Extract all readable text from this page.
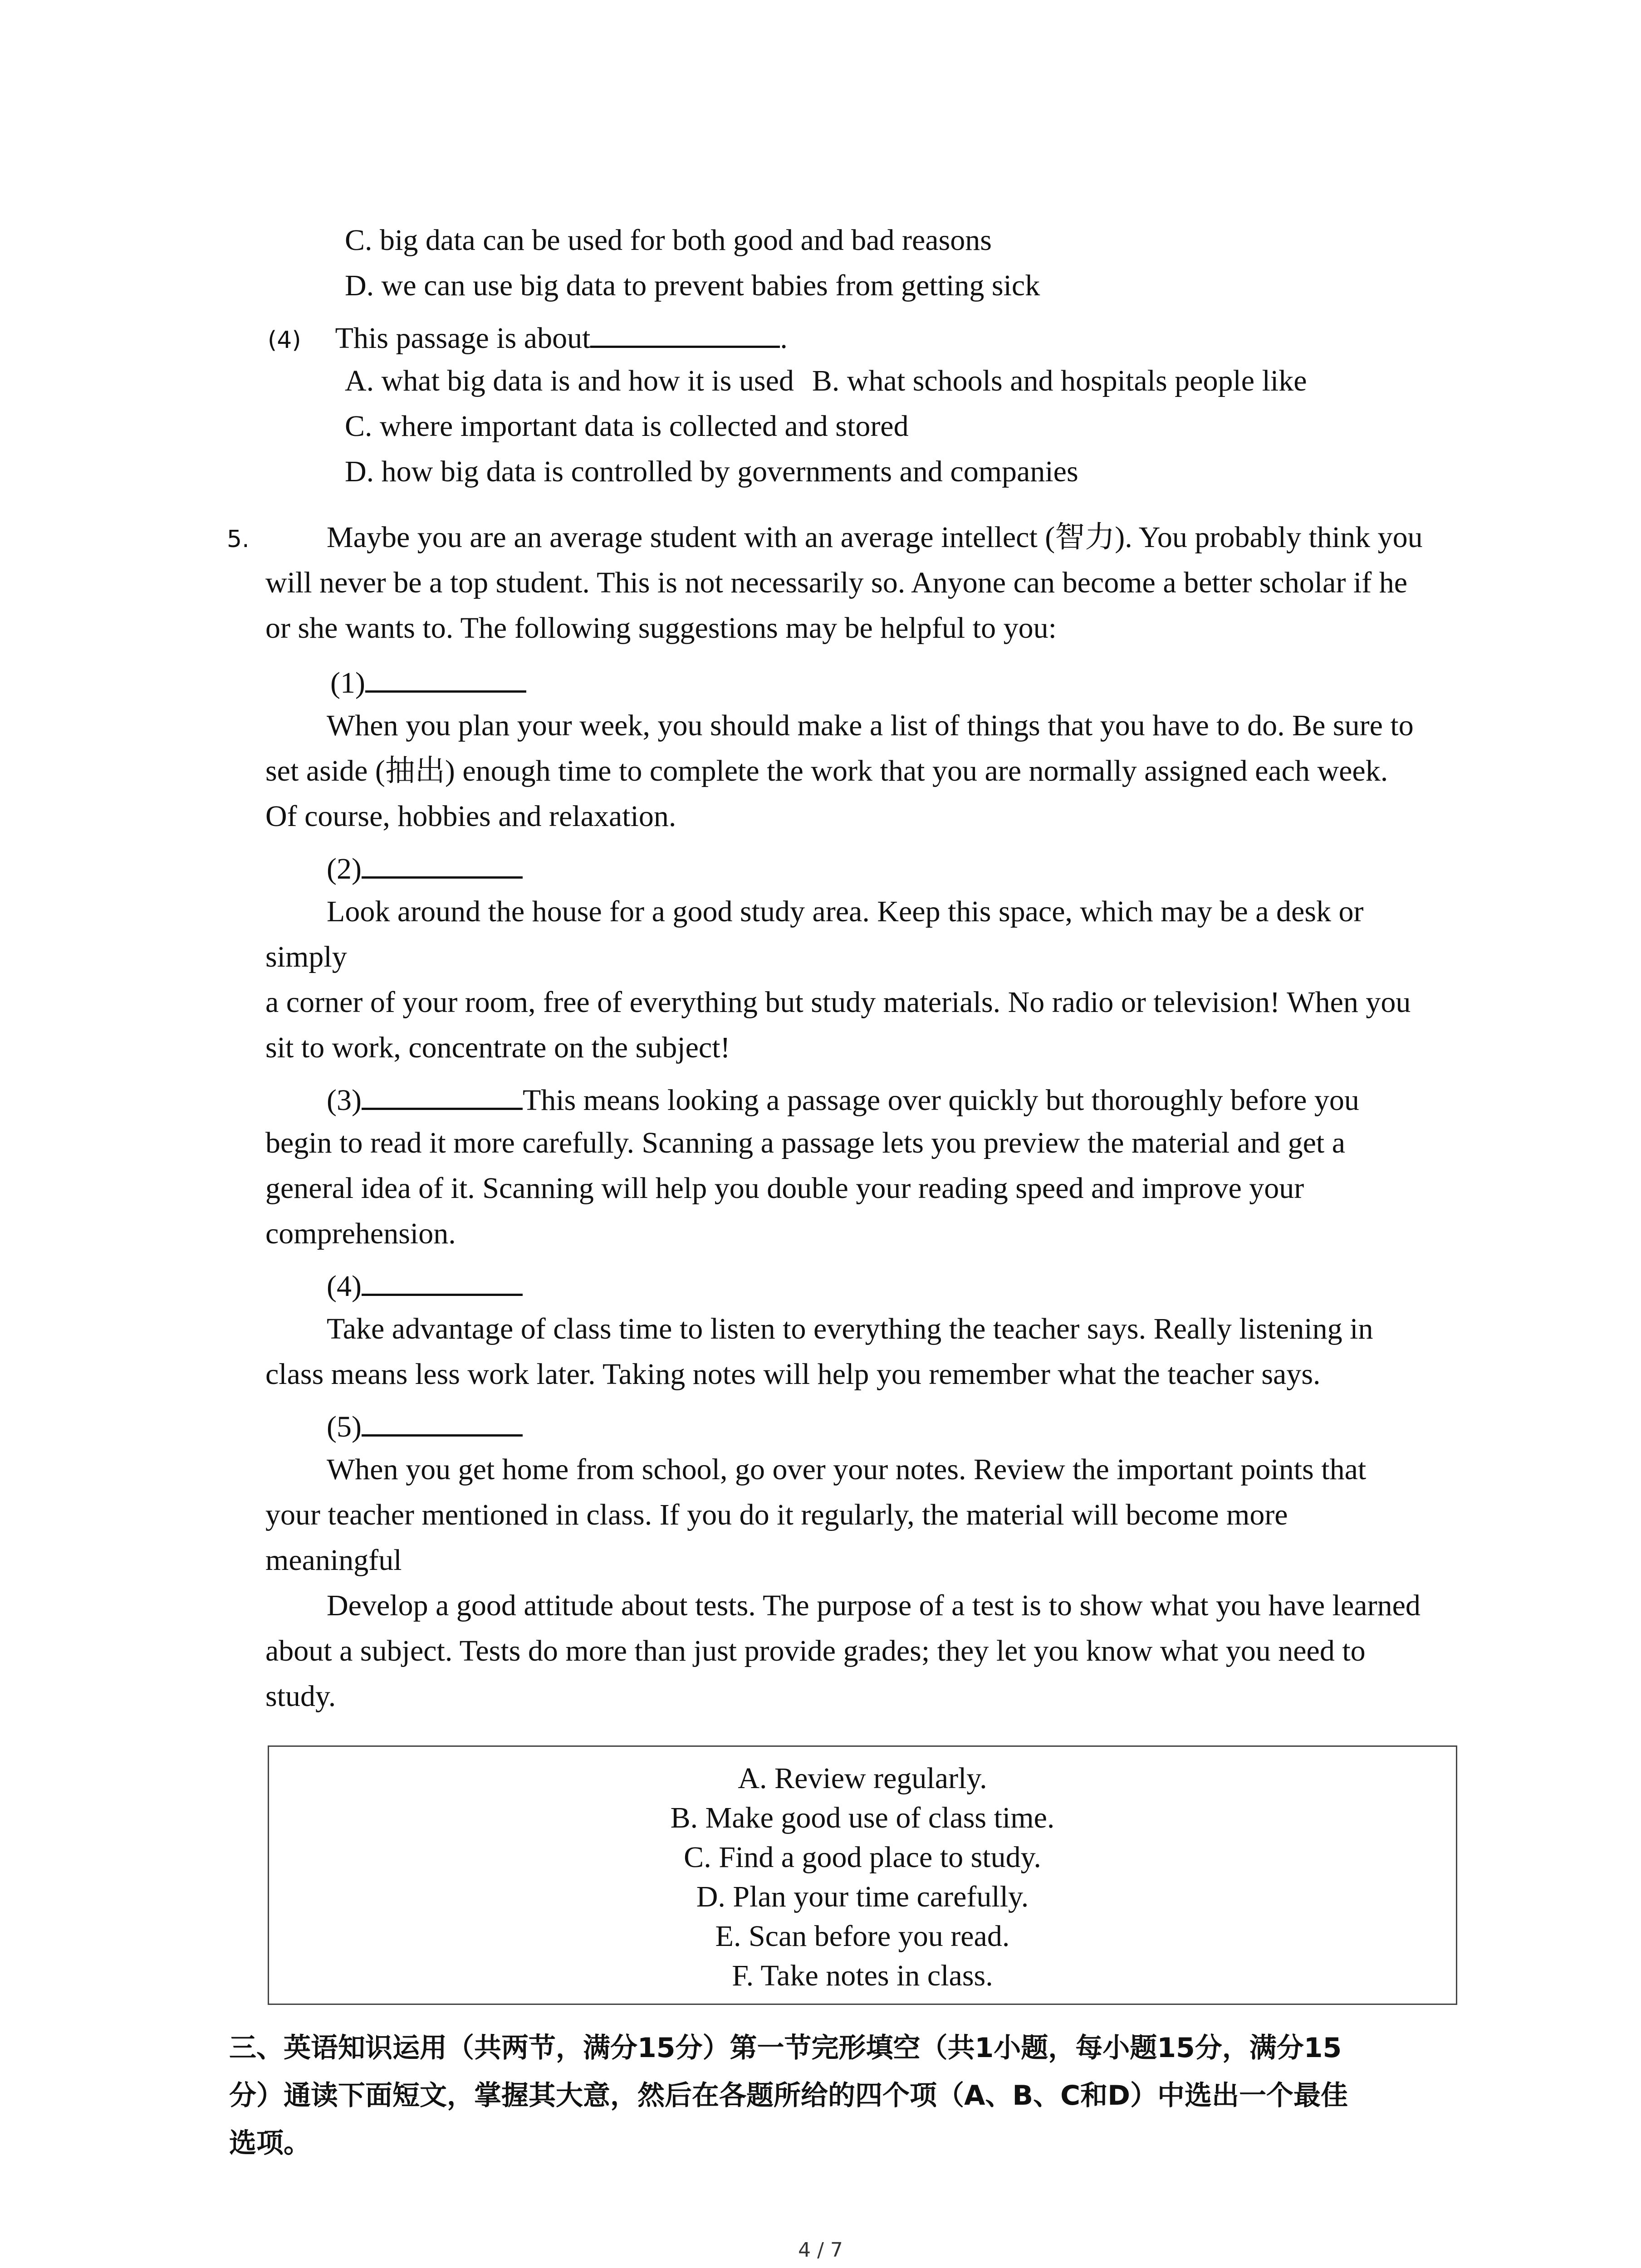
C. big data can be used for both good and bad reasons
D. we can use big data to prevent babies from getting sick
(4) This passage is about	.
A. what big data is and how it is used B. what schools and hospitals people like
C. where important data is collected and stored
D. how big data is controlled by governments and companies
5.	Maybe you are an average student with an average intellect (智力). You probably think you
will never be a top student. This is not necessarily so. Anyone can become a better scholar if he
or she wants to. The following suggestions may be helpful to you:
(1)
When you plan your week, you should make a list of things that you have to do. Be sure to
set aside (抽出) enough time to complete the work that you are normally assigned each week.
Of course, hobbies and relaxation.
(2)
Look around the house for a good study area. Keep this space, which may be a desk or
simply
a corner of your room, free of everything but study materials. No radio or television! When you
sit to work, concentrate on the subject!
(3)	This means looking a passage over quickly but thoroughly before you
begin to read it more carefully. Scanning a passage lets you preview the material and get a
general idea of it. Scanning will help you double your reading speed and improve your
comprehension.
(4)
Take advantage of class time to listen to everything the teacher says. Really listening in
class means less work later. Taking notes will help you remember what the teacher says.
(5)
When you get home from school, go over your notes. Review the important points that
your teacher mentioned in class. If you do it regularly, the material will become more
meaningful
Develop a good attitude about tests. The purpose of a test is to show what you have learned
about a subject. Tests do more than just provide grades; they let you know what you need to
study.
A. Review regularly.
B. Make good use of class time.
C. Find a good place to study.
D. Plan your time carefully.
E. Scan before you read.
F. Take notes in class.
三、英语知识运用（共两节，满分15分）第一节完形填空（共1小题，每小题15分，满分15
分）通读下面短文，掌握其大意，然后在各题所给的四个项（A、B、C和D）中选出一个最佳
选项。
4 / 7
